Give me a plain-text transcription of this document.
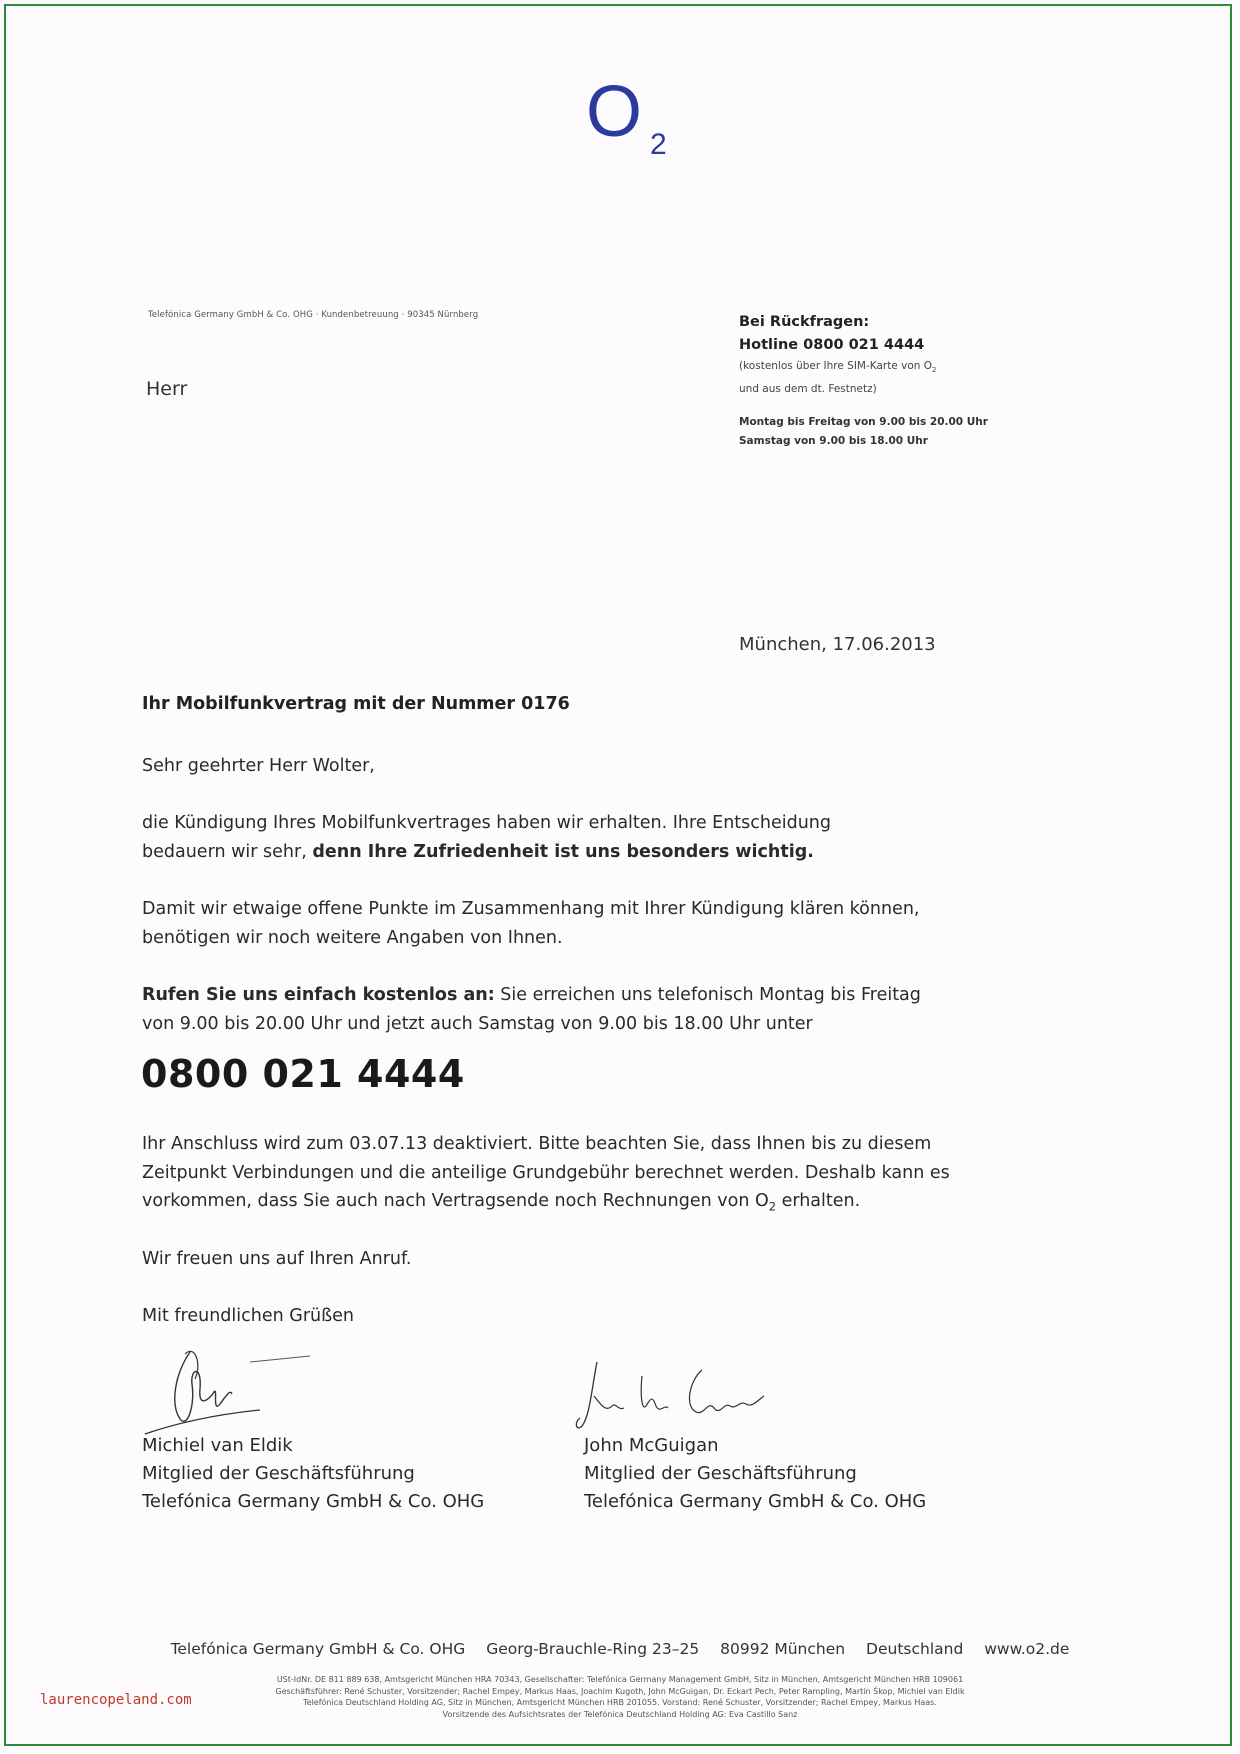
O 2
Telefónica Germany GmbH & Co. OHG · Kundenbetreuung · 90345 Nürnberg
Herr
Bei Rückfragen:
Hotline 0800 021 4444
(kostenlos über Ihre SIM-Karte von $O_2$
und aus dem dt. Festnetz)
Montag bis Freitag von 9.00 bis 20.00 Uhr
Samstag von 9.00 bis 18.00 Uhr
München, 17.06.2013
Ihr Mobilfunkvertrag mit der Nummer 0176
Sehr geehrter Herr Wolter,
die Kündigung Ihres Mobilfunkvertrages haben wir erhalten. Ihre Entscheidung bedauern wir sehr, denn Ihre Zufriedenheit ist uns besonders wichtig.
Damit wir etwaige offene Punkte im Zusammenhang mit Ihrer Kündigung klären können, benötigen wir noch weitere Angaben von Ihnen.
Rufen Sie uns einfach kostenlos an: Sie erreichen uns telefonisch Montag bis Freitag von 9.00 bis 20.00 Uhr und jetzt auch Samstag von 9.00 bis 18.00 Uhr unter
0800 021 4444
Ihr Anschluss wird zum 03.07.13 deaktiviert. Bitte beachten Sie, dass Ihnen bis zu diesem Zeitpunkt Verbindungen und die anteilige Grundgebühr berechnet werden. Deshalb kann es vorkommen, dass Sie auch nach Vertragsende noch Rechnungen von $O_2$ erhalten.
Wir freuen uns auf Ihren Anruf.
Mit freundlichen Grüßen
Michiel van Eldik
Mitglied der Geschäftsführung
Telefónica Germany GmbH & Co. OHG
John McGuigan
Mitglied der Geschäftsführung
Telefónica Germany GmbH & Co. OHG
Telefónica Germany GmbH & Co. OHG Georg-Brauchle-Ring 23–25 80992 München Deutschland www.o2.de
USt-IdNr. DE 811 889 638, Amtsgericht München HRA 70343, Gesellschafter: Telefónica Germany Management GmbH, Sitz in München, Amtsgericht München HRB 109061
Geschäftsführer: René Schuster, Vorsitzender; Rachel Empey, Markus Haas, Joachim Kugoth, John McGuigan, Dr. Eckart Pech, Peter Rampling, Martin Škop, Michiel van Eldik
Telefónica Deutschland Holding AG, Sitz in München, Amtsgericht München HRB 201055. Vorstand: René Schuster, Vorsitzender; Rachel Empey, Markus Haas.
Vorsitzende des Aufsichtsrates der Telefónica Deutschland Holding AG: Eva Castillo Sanz
laurencopeland.com
